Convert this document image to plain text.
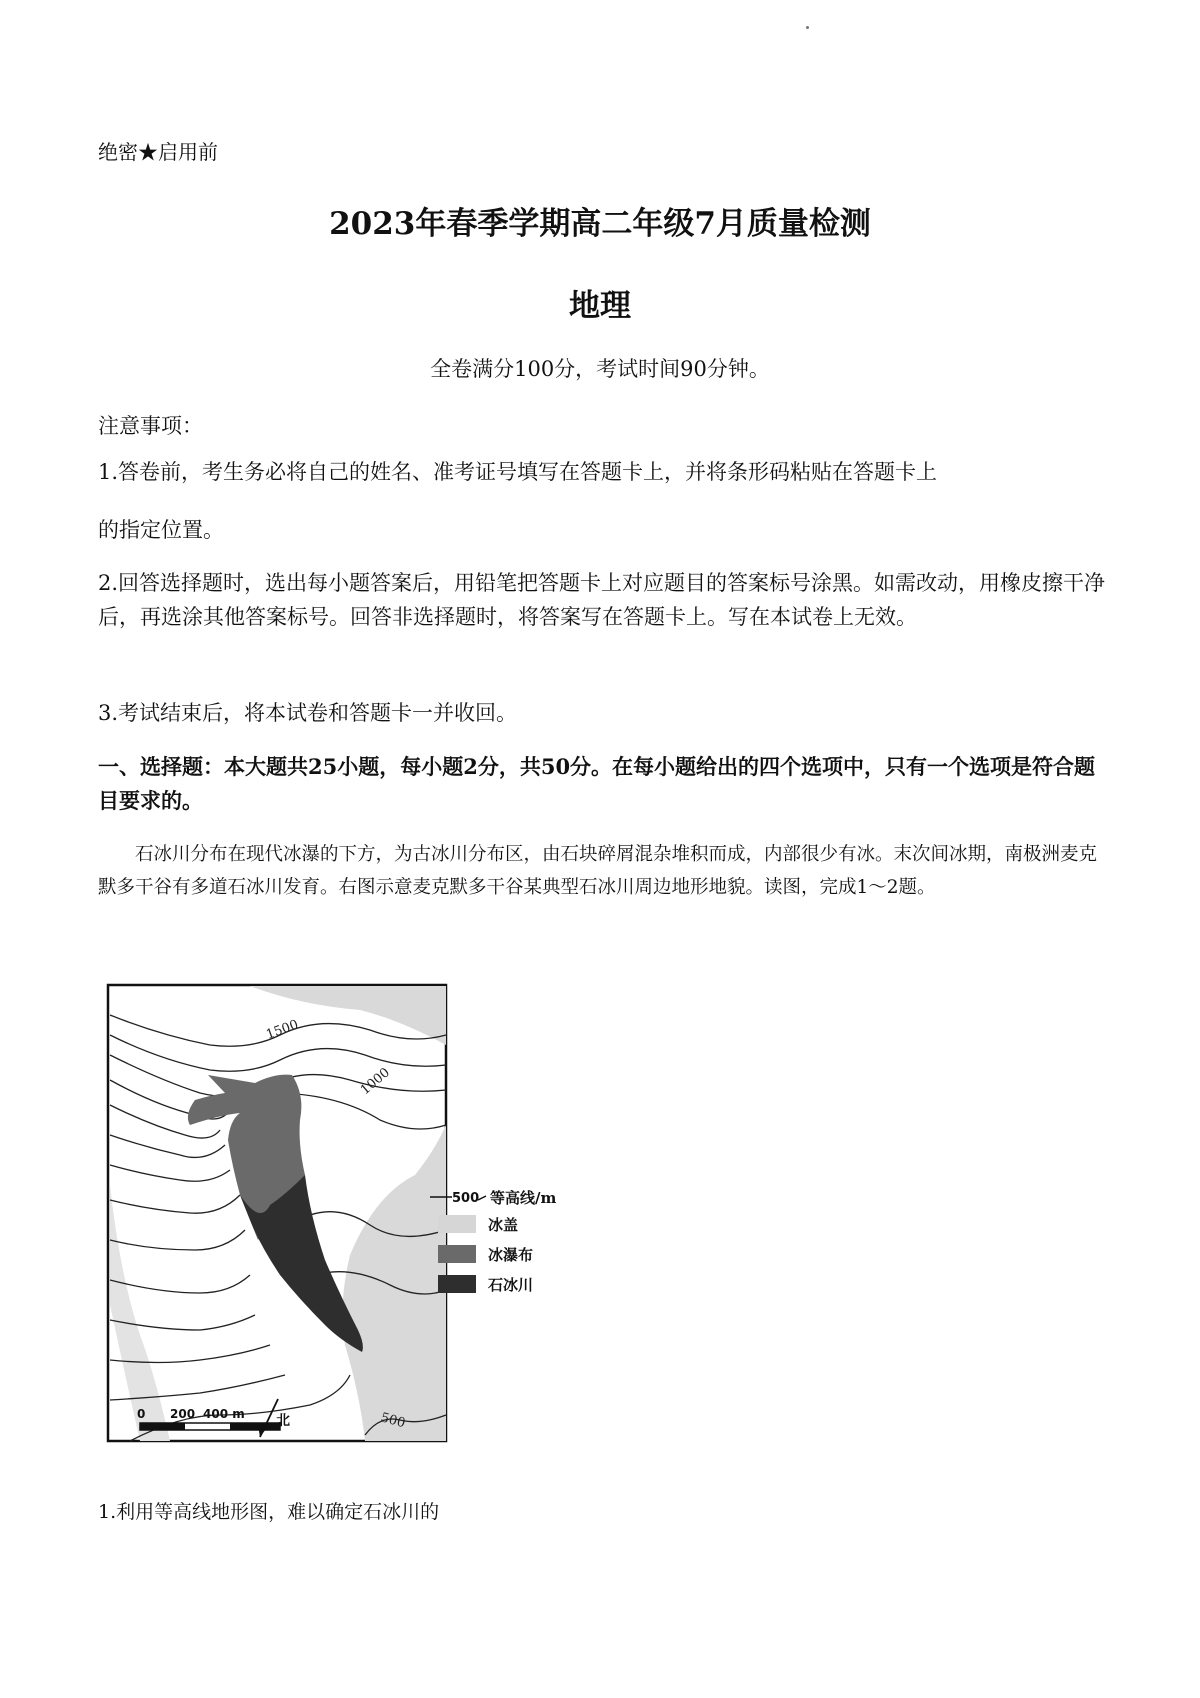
绝密★启用前
2023年春季学期高二年级7月质量检测
地理
全卷满分100分，考试时间90分钟。
注意事项：
1.答卷前，考生务必将自己的姓名、准考证号填写在答题卡上，并将条形码粘贴在答题卡上
的指定位置。
2.回答选择题时，选出每小题答案后，用铅笔把答题卡上对应题目的答案标号涂黑。如需改动，用橡皮擦干净后，再选涂其他答案标号。回答非选择题时，将答案写在答题卡上。写在本试卷上无效。
3.考试结束后，将本试卷和答题卡一并收回。
一、选择题：本大题共25小题，每小题2分，共50分。在每小题给出的四个选项中，只有一个选项是符合题目要求的。
石冰川分布在现代冰瀑的下方，为古冰川分布区，由石块碎屑混杂堆积而成，内部很少有冰。末次间冰期，南极洲麦克默多干谷有多道石冰川发育。右图示意麦克默多干谷某典型石冰川周边地形地貌。读图，完成1～2题。
1500
1000
500
0 200 400 m 北
500 等高线/m
冰盖
冰瀑布
石冰川
1.利用等高线地形图，难以确定石冰川的
